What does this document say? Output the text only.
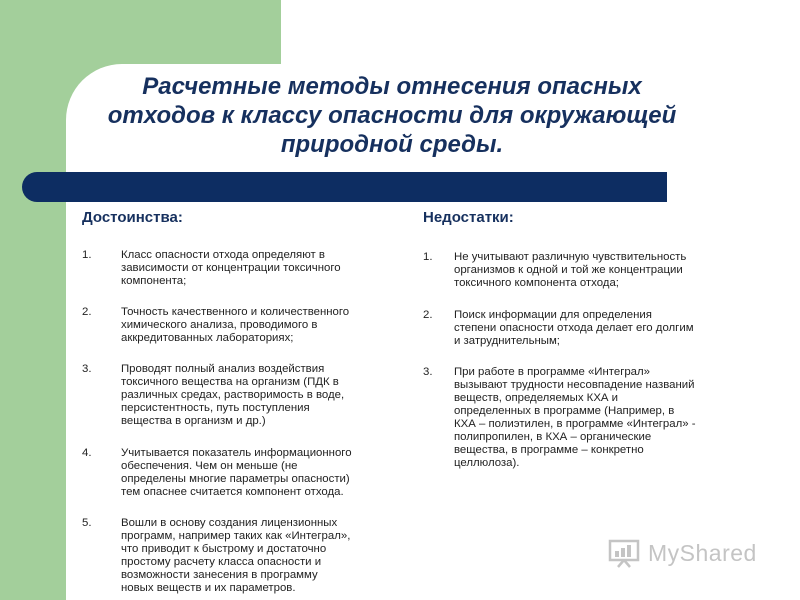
Расчетные методы отнесения опасных
отходов к классу опасности для окружающей
природной среды.
Достоинства:	Недостатки:
1.	Класс опасности отхода определяют в
зависимости от концентрации токсичного
компонента;
2.	Точность качественного и количественного
химического анализа, проводимого в
аккредитованных лабораториях;
3.	Проводят полный анализ воздействия
токсичного вещества на организм (ПДК в
различных средах, растворимость в воде,
персистентность, путь поступления
вещества в организм и др.)
4.	Учитывается показатель информационного
обеспечения. Чем он меньше (не
определены многие параметры опасности)
тем опаснее считается компонент отхода.
5.	Вошли в основу создания лицензионных
программ, например таких как «Интеграл»,
что приводит к быстрому и достаточно
простому расчету класса опасности и
возможности занесения в программу
новых веществ и их параметров.
1. Не учитывают различную чувствительность
организмов к одной и той же концентрации
токсичного компонента отхода;
2. Поиск информации для определения
степени опасности отхода делает его долгим
и затруднительным;
3. При работе в программе «Интеграл»
вызывают трудности несовпадение названий
веществ, определяемых КХА и
определенных в программе (Например, в
КХА – полиэтилен, в программе «Интеграл» -
полипропилен, в КХА – органические
вещества, в программе – конкретно
целлюлоза).
MyShared
